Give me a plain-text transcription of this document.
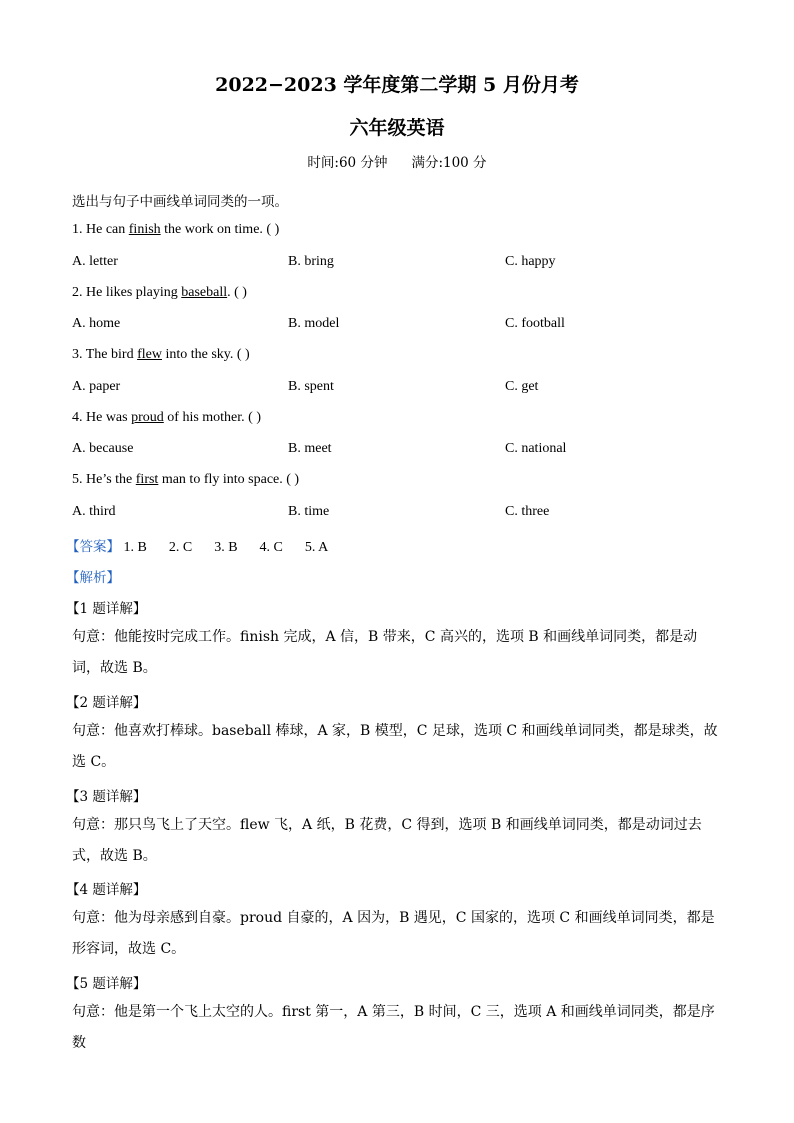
2022−2023 学年度第二学期 5 月份月考
六年级英语
时间:60 分钟 满分:100 分
选出与句子中画线单词同类的一项。
1. He can finish the work on time. ( )
A. letter	B. bring	C. happy
2. He likes playing baseball. ( )
A. home	B. model	C. football
3. The bird flew into the sky. ( )
A. paper	B. spent	C. get
4. He was proud of his mother. ( )
A. because	B. meet	C. national
5. He’s the first man to fly into space. ( )
A. third	B. time	C. three
【答案】 1. B 2. C 3. B 4. C 5. A
【解析】
【1 题详解】
句意：他能按时完成工作。finish 完成，A 信，B 带来，C 高兴的，选项 B 和画线单词同类，都是动词，故选 B。
【2 题详解】
句意：他喜欢打棒球。baseball 棒球，A 家，B 模型，C 足球，选项 C 和画线单词同类，都是球类，故选 C。
【3 题详解】
句意：那只鸟飞上了天空。flew 飞，A 纸，B 花费，C 得到，选项 B 和画线单词同类，都是动词过去式，故选 B。
【4 题详解】
句意：他为母亲感到自豪。proud 自豪的，A 因为，B 遇见，C 国家的，选项 C 和画线单词同类，都是形容词，故选 C。
【5 题详解】
句意：他是第一个飞上太空的人。first 第一，A 第三，B 时间，C 三，选项 A 和画线单词同类，都是序数
